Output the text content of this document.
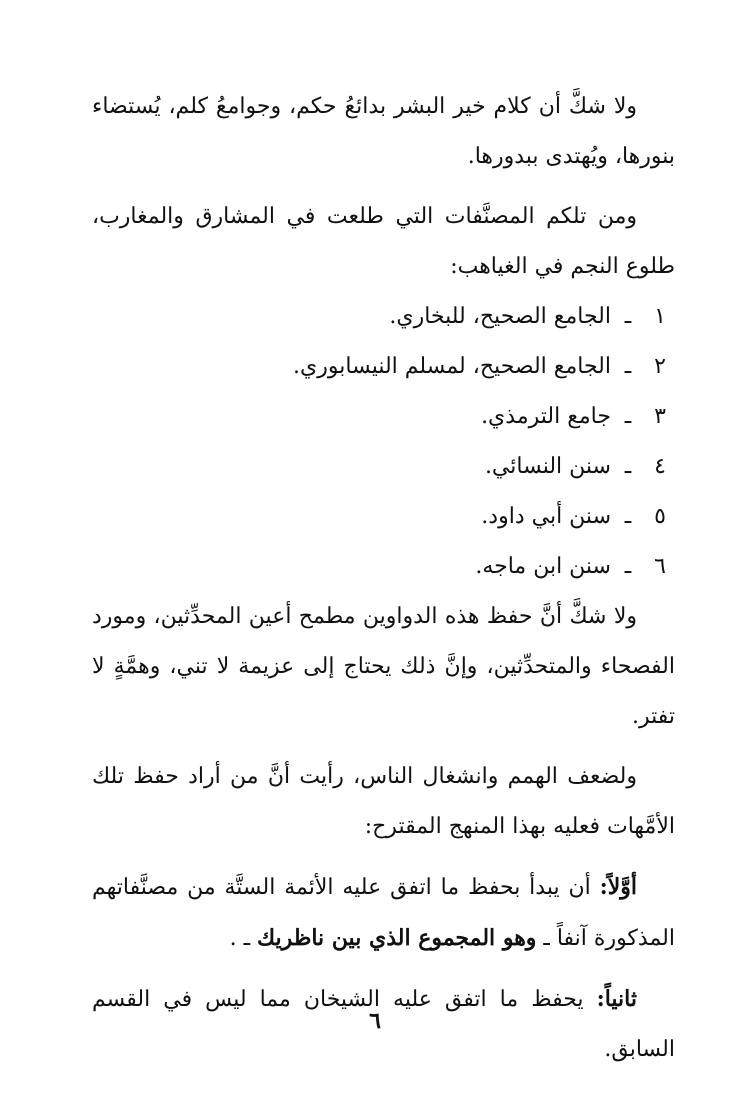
ولا شكَّ أن كلام خير البشر بدائعُ حكم، وجوامعُ كلم، يُستضاء بنورها، ويُهتدى ببدورها.

ومن تلكم المصنَّفات التي طلعت في المشارق والمغارب، طلوع النجم في الغياهب:

١
ـ
الجامع الصحيح، للبخاري.
٢
ـ
الجامع الصحيح، لمسلم النيسابوري.
٣
ـ
جامع الترمذي.
٤
ـ
سنن النسائي.
٥
ـ
سنن أبي داود.
٦
ـ
سنن ابن ماجه.

ولا شكَّ أنَّ حفظ هذه الدواوين مطمح أعين المحدِّثين، ومورد الفصحاء والمتحدِّثين، وإنَّ ذلك يحتاج إلى عزيمة لا تني، وهمَّةٍ لا تفتر.

ولضعف الهمم وانشغال الناس، رأيت أنَّ من أراد حفظ تلك الأمَّهات فعليه بهذا المنهج المقترح:

أوَّلاً: أن يبدأ بحفظ ما اتفق عليه الأئمة الستَّة من مصنَّفاتهم المذكورة آنفاً ـ وهو المجموع الذي بين ناظريك ـ .

ثانياً: يحفظ ما اتفق عليه الشيخان مما ليس في القسم السابق.

٦
